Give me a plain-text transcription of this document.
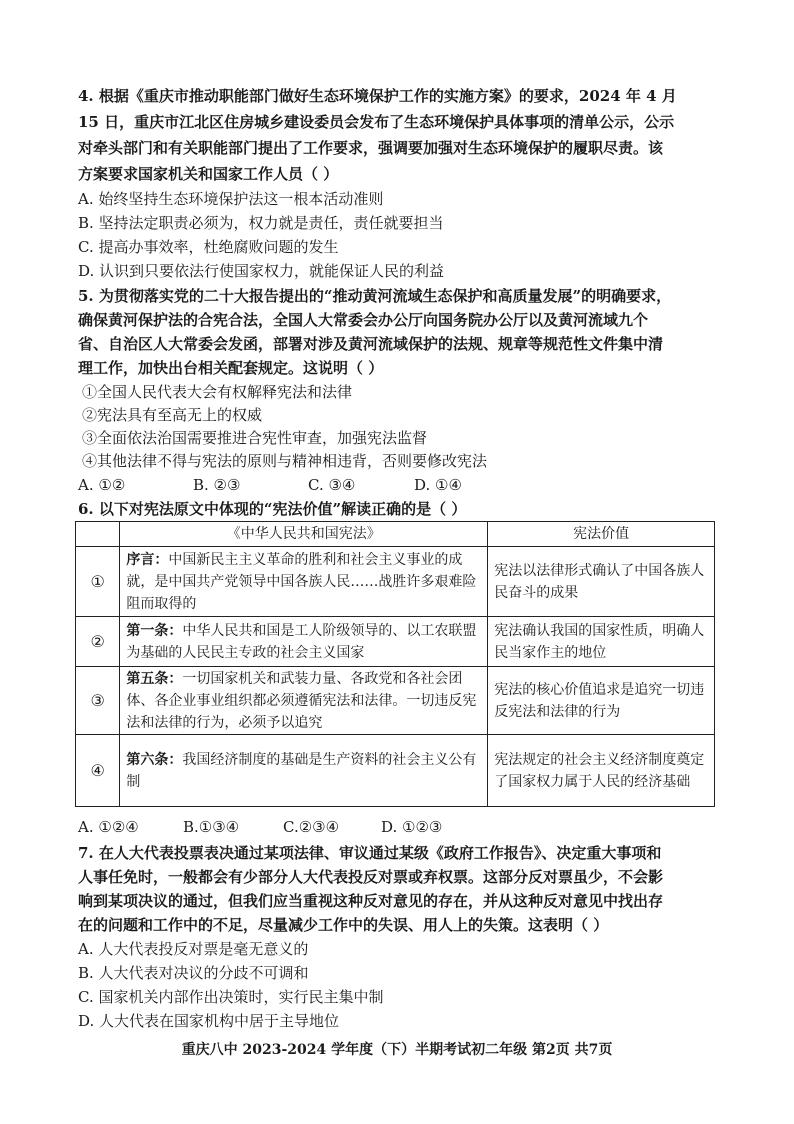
4. 根据《重庆市推动职能部门做好生态环境保护工作的实施方案》的要求，2024 年 4 月
15 日，重庆市江北区住房城乡建设委员会发布了生态环境保护具体事项的清单公示，公示
对牵头部门和有关职能部门提出了工作要求，强调要加强对生态环境保护的履职尽责。该
方案要求国家机关和国家工作人员（ ）
A. 始终坚持生态环境保护法这一根本活动准则
B. 坚持法定职责必须为，权力就是责任，责任就要担当
C. 提高办事效率，杜绝腐败问题的发生
D. 认识到只要依法行使国家权力，就能保证人民的利益
5. 为贯彻落实党的二十大报告提出的“推动黄河流域生态保护和高质量发展”的明确要求，
确保黄河保护法的合宪合法，全国人大常委会办公厅向国务院办公厅以及黄河流域九个
省、自治区人大常委会发函，部署对涉及黄河流域保护的法规、规章等规范性文件集中清
理工作，加快出台相关配套规定。这说明（ ）
①全国人民代表大会有权解释宪法和法律
②宪法具有至高无上的权威
③全面依法治国需要推进合宪性审查，加强宪法监督
④其他法律不得与宪法的原则与精神相违背，否则要修改宪法
A. ①②	B. ②③	C. ③④	D. ①④
6. 以下对宪法原文中体现的“宪法价值”解读正确的是（ ）
	《中华人民共和国宪法》	宪法价值
①	序言：中国新民主主义革命的胜利和社会主义事业的成就，是中国共产党领导中国各族人民……战胜许多艰难险阻而取得的	宪法以法律形式确认了中国各族人民奋斗的成果
②	第一条：中华人民共和国是工人阶级领导的、以工农联盟为基础的人民民主专政的社会主义国家	宪法确认我国的国家性质，明确人民当家作主的地位
③	第五条：一切国家机关和武装力量、各政党和各社会团体、各企业事业组织都必须遵循宪法和法律。一切违反宪法和法律的行为，必须予以追究	宪法的核心价值追求是追究一切违反宪法和法律的行为
④	第六条：我国经济制度的基础是生产资料的社会主义公有制	宪法规定的社会主义经济制度奠定了国家权力属于人民的经济基础
A. ①②④	B.①③④	C.②③④	D. ①②③
7. 在人大代表投票表决通过某项法律、审议通过某级《政府工作报告》、决定重大事项和
人事任免时，一般都会有少部分人大代表投反对票或弃权票。这部分反对票虽少，不会影
响到某项决议的通过，但我们应当重视这种反对意见的存在，并从这种反对意见中找出存
在的问题和工作中的不足，尽量减少工作中的失误、用人上的失策。这表明（ ）
A. 人大代表投反对票是毫无意义的
B. 人大代表对决议的分歧不可调和
C. 国家机关内部作出决策时，实行民主集中制
D. 人大代表在国家机构中居于主导地位
重庆八中 2023-2024 学年度（下）半期考试初二年级 第2页 共7页
